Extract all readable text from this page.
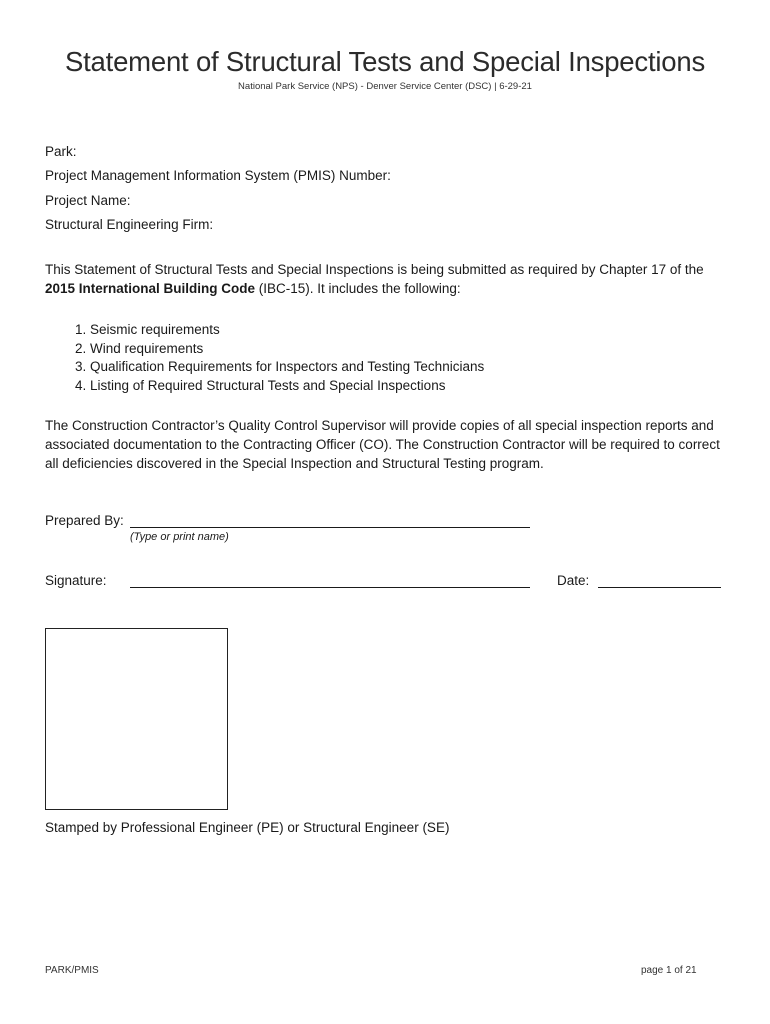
Statement of Structural Tests and Special Inspections
National Park Service (NPS) - Denver Service Center (DSC) | 6-29-21
Park:
Project Management Information System (PMIS) Number:
Project Name:
Structural Engineering Firm:
This Statement of Structural Tests and Special Inspections is being submitted as required by Chapter 17 of the
2015 International Building Code (IBC-15). It includes the following:
1. Seismic requirements
2. Wind requirements
3. Qualification Requirements for Inspectors and Testing Technicians
4. Listing of Required Structural Tests and Special Inspections
The Construction Contractor’s Quality Control Supervisor will provide copies of all special inspection reports and associated documentation to the Contracting Officer (CO). The Construction Contractor will be required to correct all deficiencies discovered in the Special Inspection and Structural Testing program.
Prepared By:
(Type or print name)
Signature:	Date:
Stamped by Professional Engineer (PE) or Structural Engineer (SE)
PARK/PMIS	page 1 of 21
